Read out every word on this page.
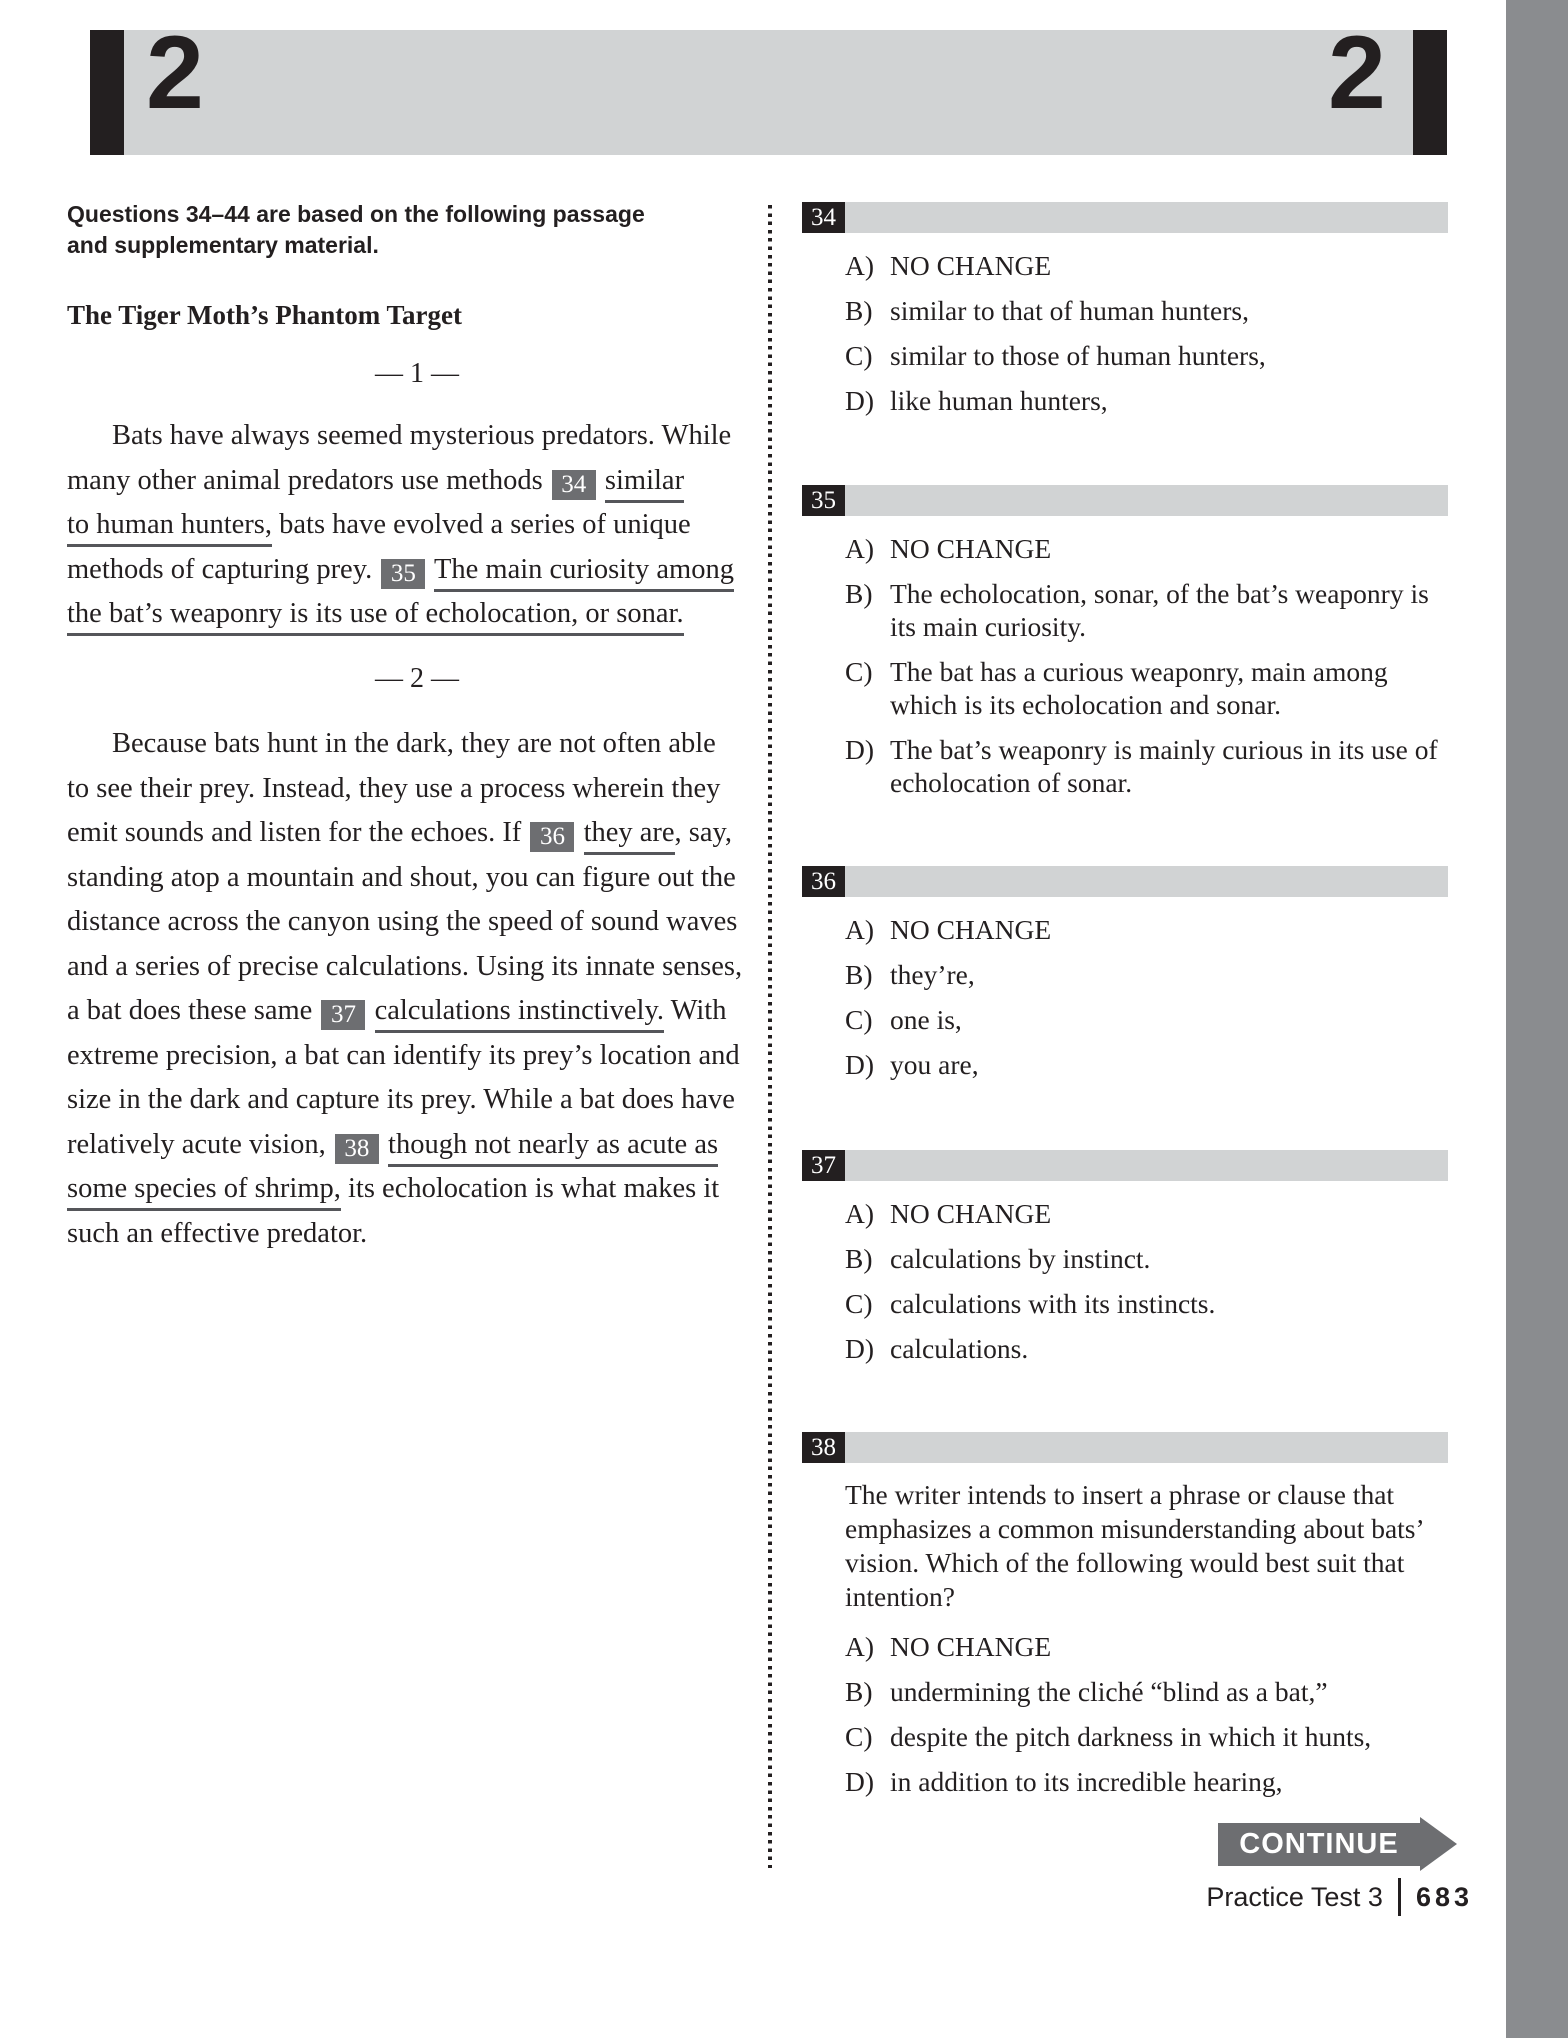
2	2
Questions 34–44 are based on the following passage
and supplementary material.
The Tiger Moth’s Phantom Target
— 1 —
Bats have always seemed mysterious predators. While
many other animal predators use methods 34 similar
to human hunters, bats have evolved a series of unique
methods of capturing prey. 35 The main curiosity among
the bat’s weaponry is its use of echolocation, or sonar.
— 2 —
Because bats hunt in the dark, they are not often able
to see their prey. Instead, they use a process wherein they
emit sounds and listen for the echoes. If 36 they are, say,
standing atop a mountain and shout, you can figure out the
distance across the canyon using the speed of sound waves
and a series of precise calculations. Using its innate senses,
a bat does these same 37 calculations instinctively. With
extreme precision, a bat can identify its prey’s location and
size in the dark and capture its prey. While a bat does have
relatively acute vision, 38 though not nearly as acute as
some species of shrimp, its echolocation is what makes it
such an effective predator.
34
A) NO CHANGE
B) similar to that of human hunters,
C) similar to those of human hunters,
D) like human hunters,
35
A) NO CHANGE
B) The echolocation, sonar, of the bat’s weaponry is
its main curiosity.
C) The bat has a curious weaponry, main among
which is its echolocation and sonar.
D) The bat’s weaponry is mainly curious in its use of
echolocation of sonar.
36
A) NO CHANGE
B) they’re,
C) one is,
D) you are,
37
A) NO CHANGE
B) calculations by instinct.
C) calculations with its instincts.
D) calculations.
38
The writer intends to insert a phrase or clause that
emphasizes a common misunderstanding about bats’
vision. Which of the following would best suit that
intention?
A) NO CHANGE
B) undermining the cliché “blind as a bat,”
C) despite the pitch darkness in which it hunts,
D) in addition to its incredible hearing,
CONTINUE
Practice Test 3 683
